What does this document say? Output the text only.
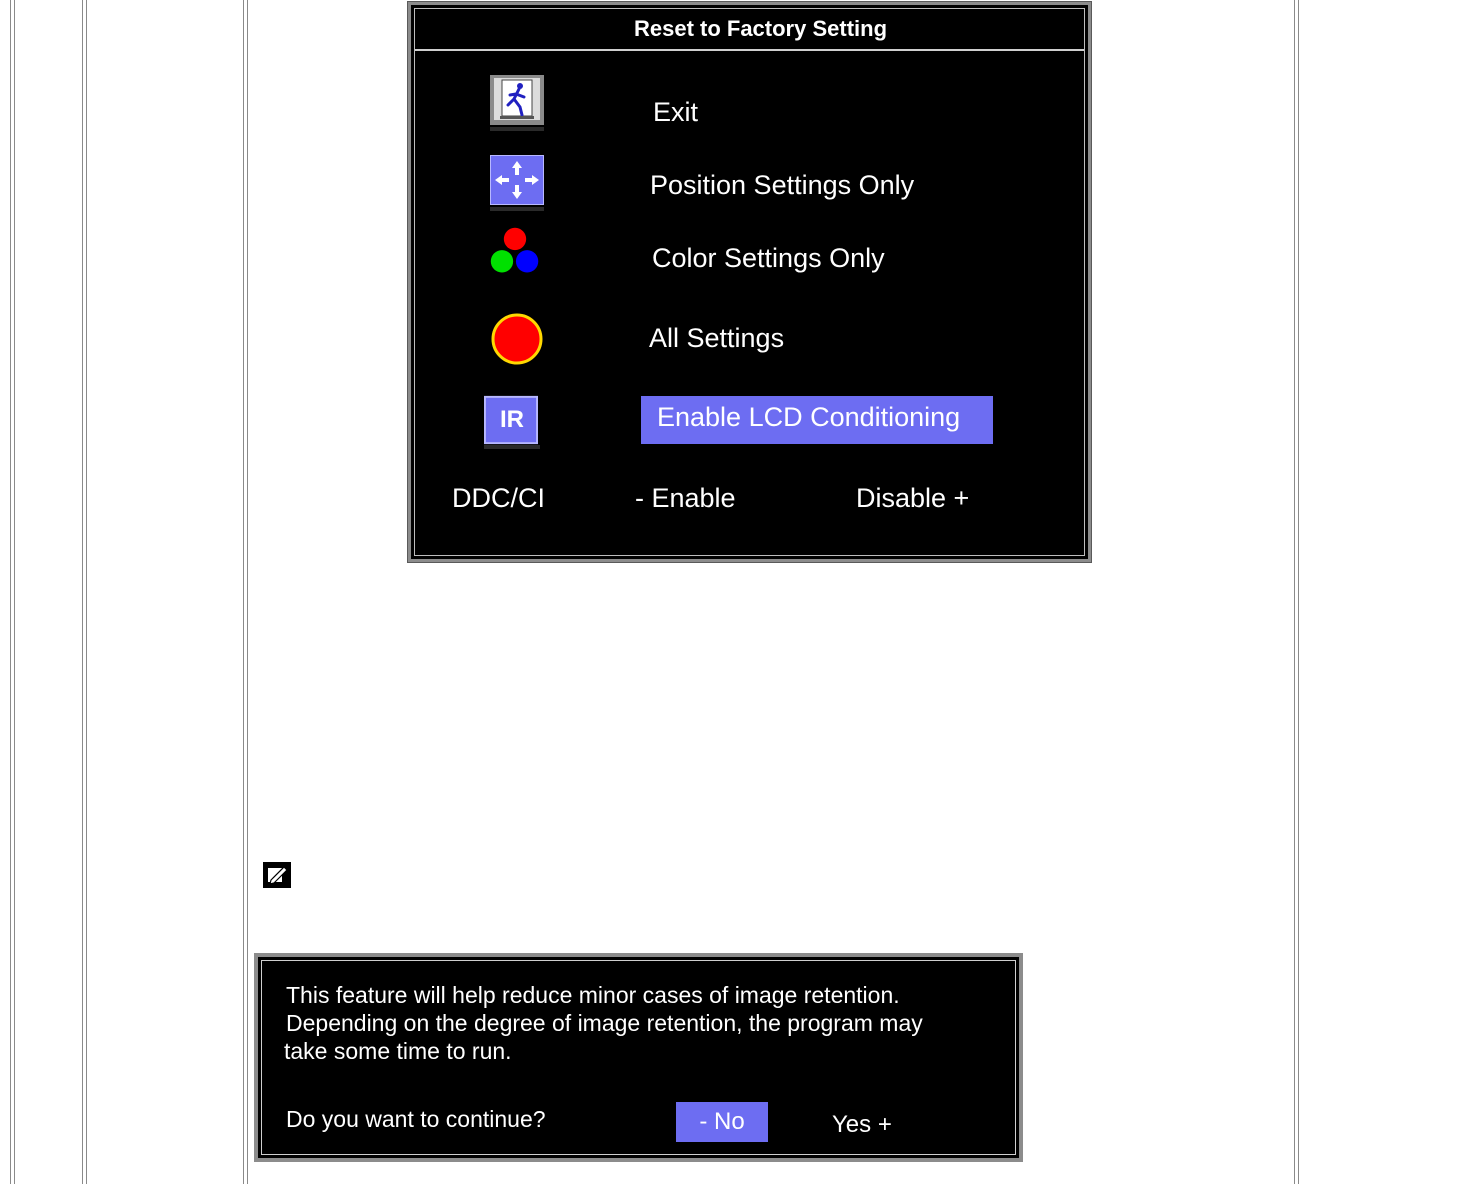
Reset to Factory Setting
Exit
Position Settings Only
Color Settings Only
All Settings
IR	Enable LCD Conditioning
DDC/CI	- Enable	Disable +
This feature will help reduce minor cases of image retention.
Depending on the degree of image retention, the program may
take some time to run.
Do you want to continue?	- No	Yes +
